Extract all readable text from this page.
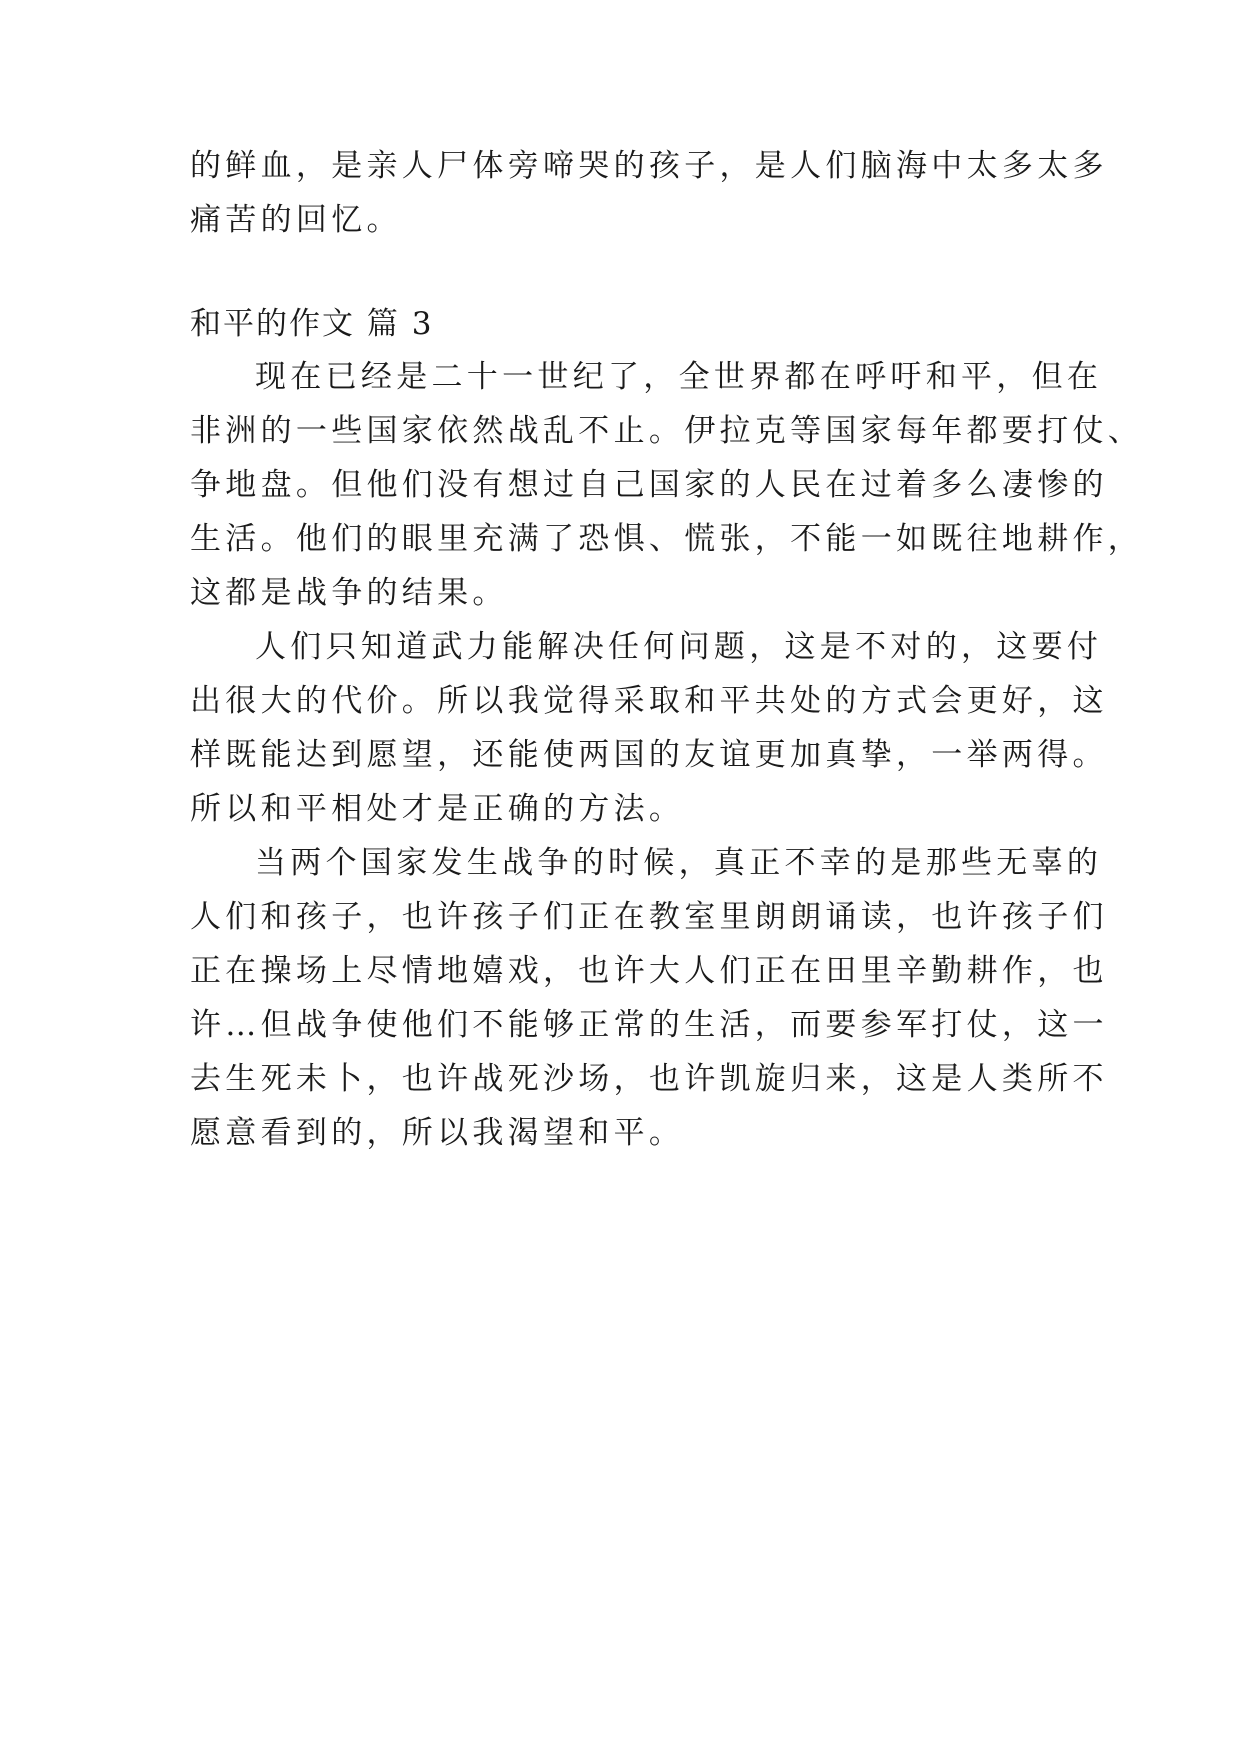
的鲜血，是亲人尸体旁啼哭的孩子，是人们脑海中太多太多
痛苦的回忆。
和平的作文 篇 3
现在已经是二十一世纪了，全世界都在呼吁和平，但在
非洲的一些国家依然战乱不止。伊拉克等国家每年都要打仗、
争地盘。但他们没有想过自己国家的人民在过着多么凄惨的
生活。他们的眼里充满了恐惧、慌张，不能一如既往地耕作，
这都是战争的结果。
人们只知道武力能解决任何问题，这是不对的，这要付
出很大的代价。所以我觉得采取和平共处的方式会更好，这
样既能达到愿望，还能使两国的友谊更加真挚，一举两得。
所以和平相处才是正确的方法。
当两个国家发生战争的时候，真正不幸的是那些无辜的
人们和孩子，也许孩子们正在教室里朗朗诵读，也许孩子们
正在操场上尽情地嬉戏，也许大人们正在田里辛勤耕作，也
许…但战争使他们不能够正常的生活，而要参军打仗，这一
去生死未卜，也许战死沙场，也许凯旋归来，这是人类所不
愿意看到的，所以我渴望和平。
